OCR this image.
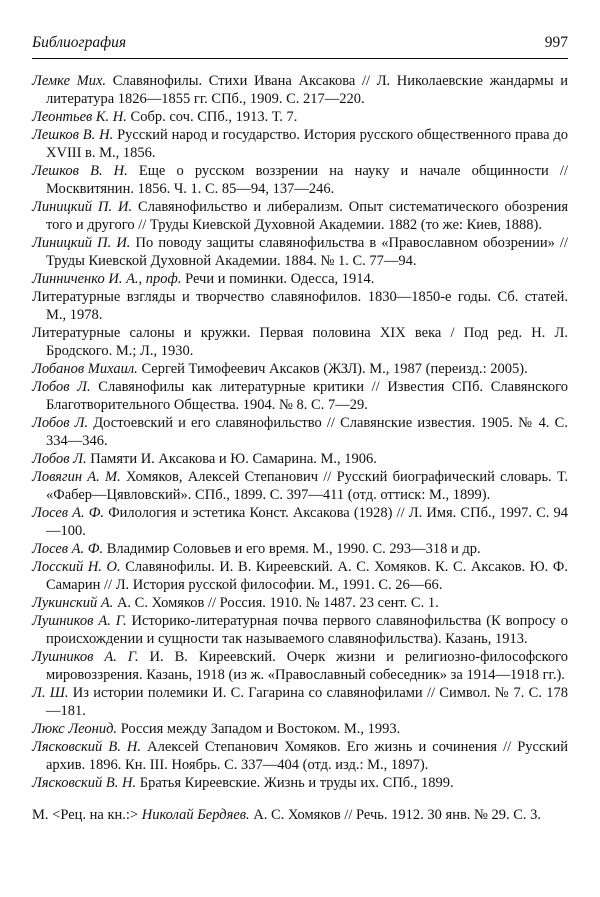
Библиография	997

Лемке Мих. Славянофилы. Стихи Ивана Аксакова // Л. Николаевские жандармы и литература 1826—1855 гг. СПб., 1909. С. 217—220.

Леонтьев К. Н. Собр. соч. СПб., 1913. Т. 7.

Лешков В. Н. Русский народ и государство. История русского общественного права до XVIII в. М., 1856.

Лешков В. Н. Еще о русском воззрении на науку и начале общинности // Москвитянин. 1856. Ч. 1. С. 85—94, 137—246.

Линицкий П. И. Славянофильство и либерализм. Опыт систематического обозрения того и другого // Труды Киевской Духовной Академии. 1882 (то же: Киев, 1888).

Линицкий П. И. По поводу защиты славянофильства в «Православном обозрении» // Труды Киевской Духовной Академии. 1884. № 1. С. 77—94.

Линниченко И. А., проф. Речи и поминки. Одесса, 1914.

Литературные взгляды и творчество славянофилов. 1830—1850-е годы. Сб. статей. М., 1978.

Литературные салоны и кружки. Первая половина XIX века / Под ред. Н. Л. Бродского. М.; Л., 1930.

Лобанов Михаил. Сергей Тимофеевич Аксаков (ЖЗЛ). М., 1987 (переизд.: 2005).

Лобов Л. Славянофилы как литературные критики // Известия СПб. Славянского Благотворительного Общества. 1904. № 8. С. 7—29.

Лобов Л. Достоевский и его славянофильство // Славянские известия. 1905. № 4. С. 334—346.

Лобов Л. Памяти И. Аксакова и Ю. Самарина. М., 1906.

Ловягин А. М. Хомяков, Алексей Степанович // Русский биографический словарь. Т. «Фабер—Цявловский». СПб., 1899. С. 397—411 (отд. оттиск: М., 1899).

Лосев А. Ф. Филология и эстетика Конст. Аксакова (1928) // Л. Имя. СПб., 1997. С. 94—100.

Лосев А. Ф. Владимир Соловьев и его время. М., 1990. С. 293—318 и др.

Лосский Н. О. Славянофилы. И. В. Киреевский. А. С. Хомяков. К. С. Аксаков. Ю. Ф. Самарин // Л. История русской философии. М., 1991. С. 26—66.

Лукинский А. А. С. Хомяков // Россия. 1910. № 1487. 23 сент. С. 1.

Лушников А. Г. Историко-литературная почва первого славянофильства (К вопросу о происхождении и сущности так называемого славянофильства). Казань, 1913.

Лушников А. Г. И. В. Киреевский. Очерк жизни и религиозно-философского мировоззрения. Казань, 1918 (из ж. «Православный собеседник» за 1914—1918 гг.).

Л. Ш. Из истории полемики И. С. Гагарина со славянофилами // Символ. № 7. С. 178—181.

Люкс Леонид. Россия между Западом и Востоком. М., 1993.

Лясковский В. Н. Алексей Степанович Хомяков. Его жизнь и сочинения // Русский архив. 1896. Кн. III. Ноябрь. С. 337—404 (отд. изд.: М., 1897).

Лясковский В. Н. Братья Киреевские. Жизнь и труды их. СПб., 1899.

М. <Рец. на кн.:> Николай Бердяев. А. С. Хомяков // Речь. 1912. 30 янв. № 29. С. 3.
